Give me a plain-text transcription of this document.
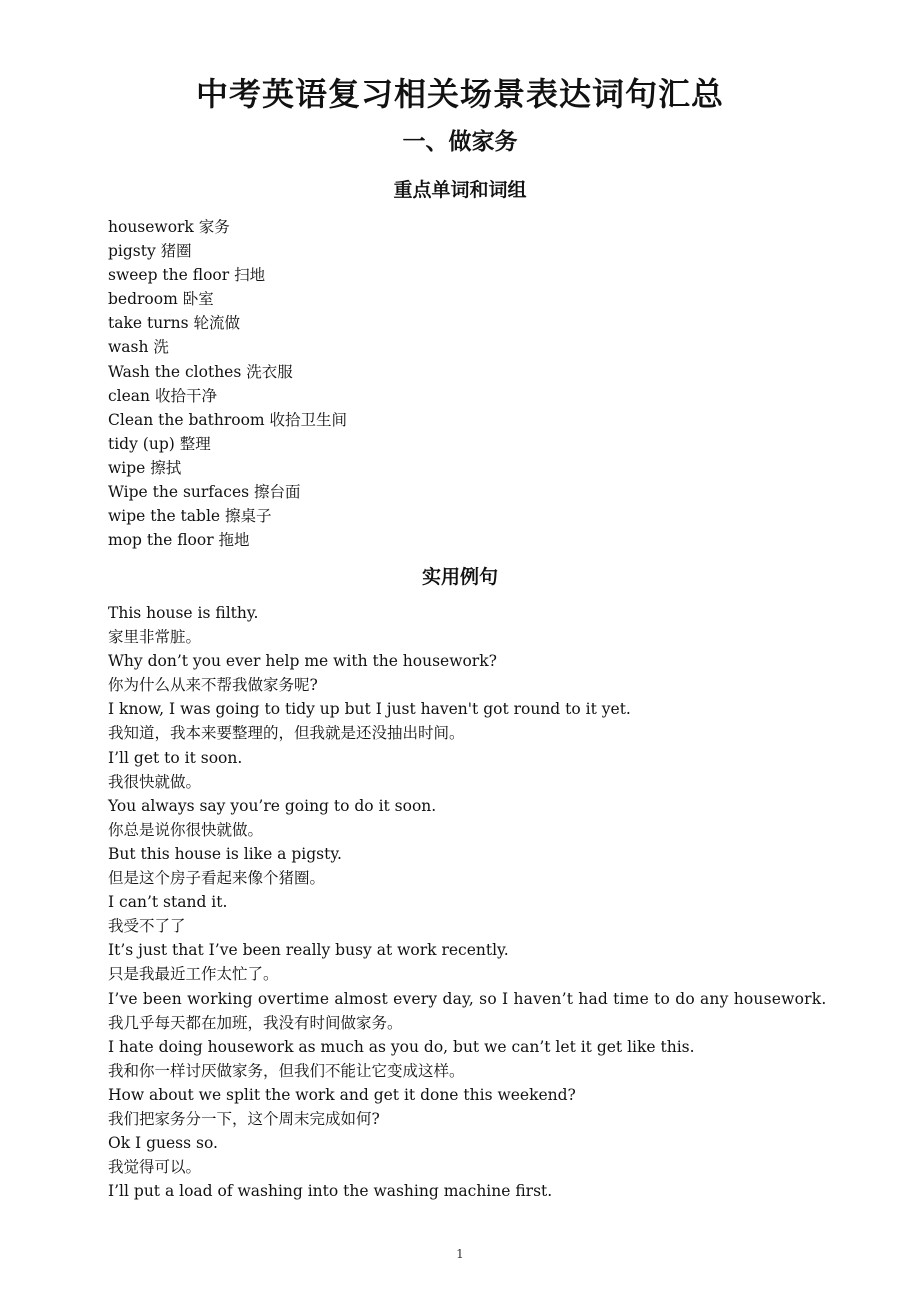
中考英语复习相关场景表达词句汇总
一、做家务
重点单词和词组
housework 家务
pigsty 猪圈
sweep the floor 扫地
bedroom 卧室
take turns 轮流做
wash 洗
Wash the clothes 洗衣服
clean 收拾干净
Clean the bathroom 收拾卫生间
tidy (up) 整理
wipe 擦拭
Wipe the surfaces 擦台面
wipe the table 擦桌子
mop the floor 拖地
实用例句
This house is filthy.
家里非常脏。
Why don’t you ever help me with the housework?
你为什么从来不帮我做家务呢?
I know, I was going to tidy up but I just haven't got round to it yet.
我知道，我本来要整理的，但我就是还没抽出时间。
I’ll get to it soon.
我很快就做。
You always say you’re going to do it soon.
你总是说你很快就做。
But this house is like a pigsty.
但是这个房子看起来像个猪圈。
I can’t stand it.
我受不了了
It’s just that I’ve been really busy at work recently.
只是我最近工作太忙了。
I’ve been working overtime almost every day, so I haven’t had time to do any housework.
我几乎每天都在加班，我没有时间做家务。
I hate doing housework as much as you do, but we can’t let it get like this.
我和你一样讨厌做家务，但我们不能让它变成这样。
How about we split the work and get it done this weekend?
我们把家务分一下，这个周末完成如何?
Ok I guess so.
我觉得可以。
I’ll put a load of washing into the washing machine first.
1
